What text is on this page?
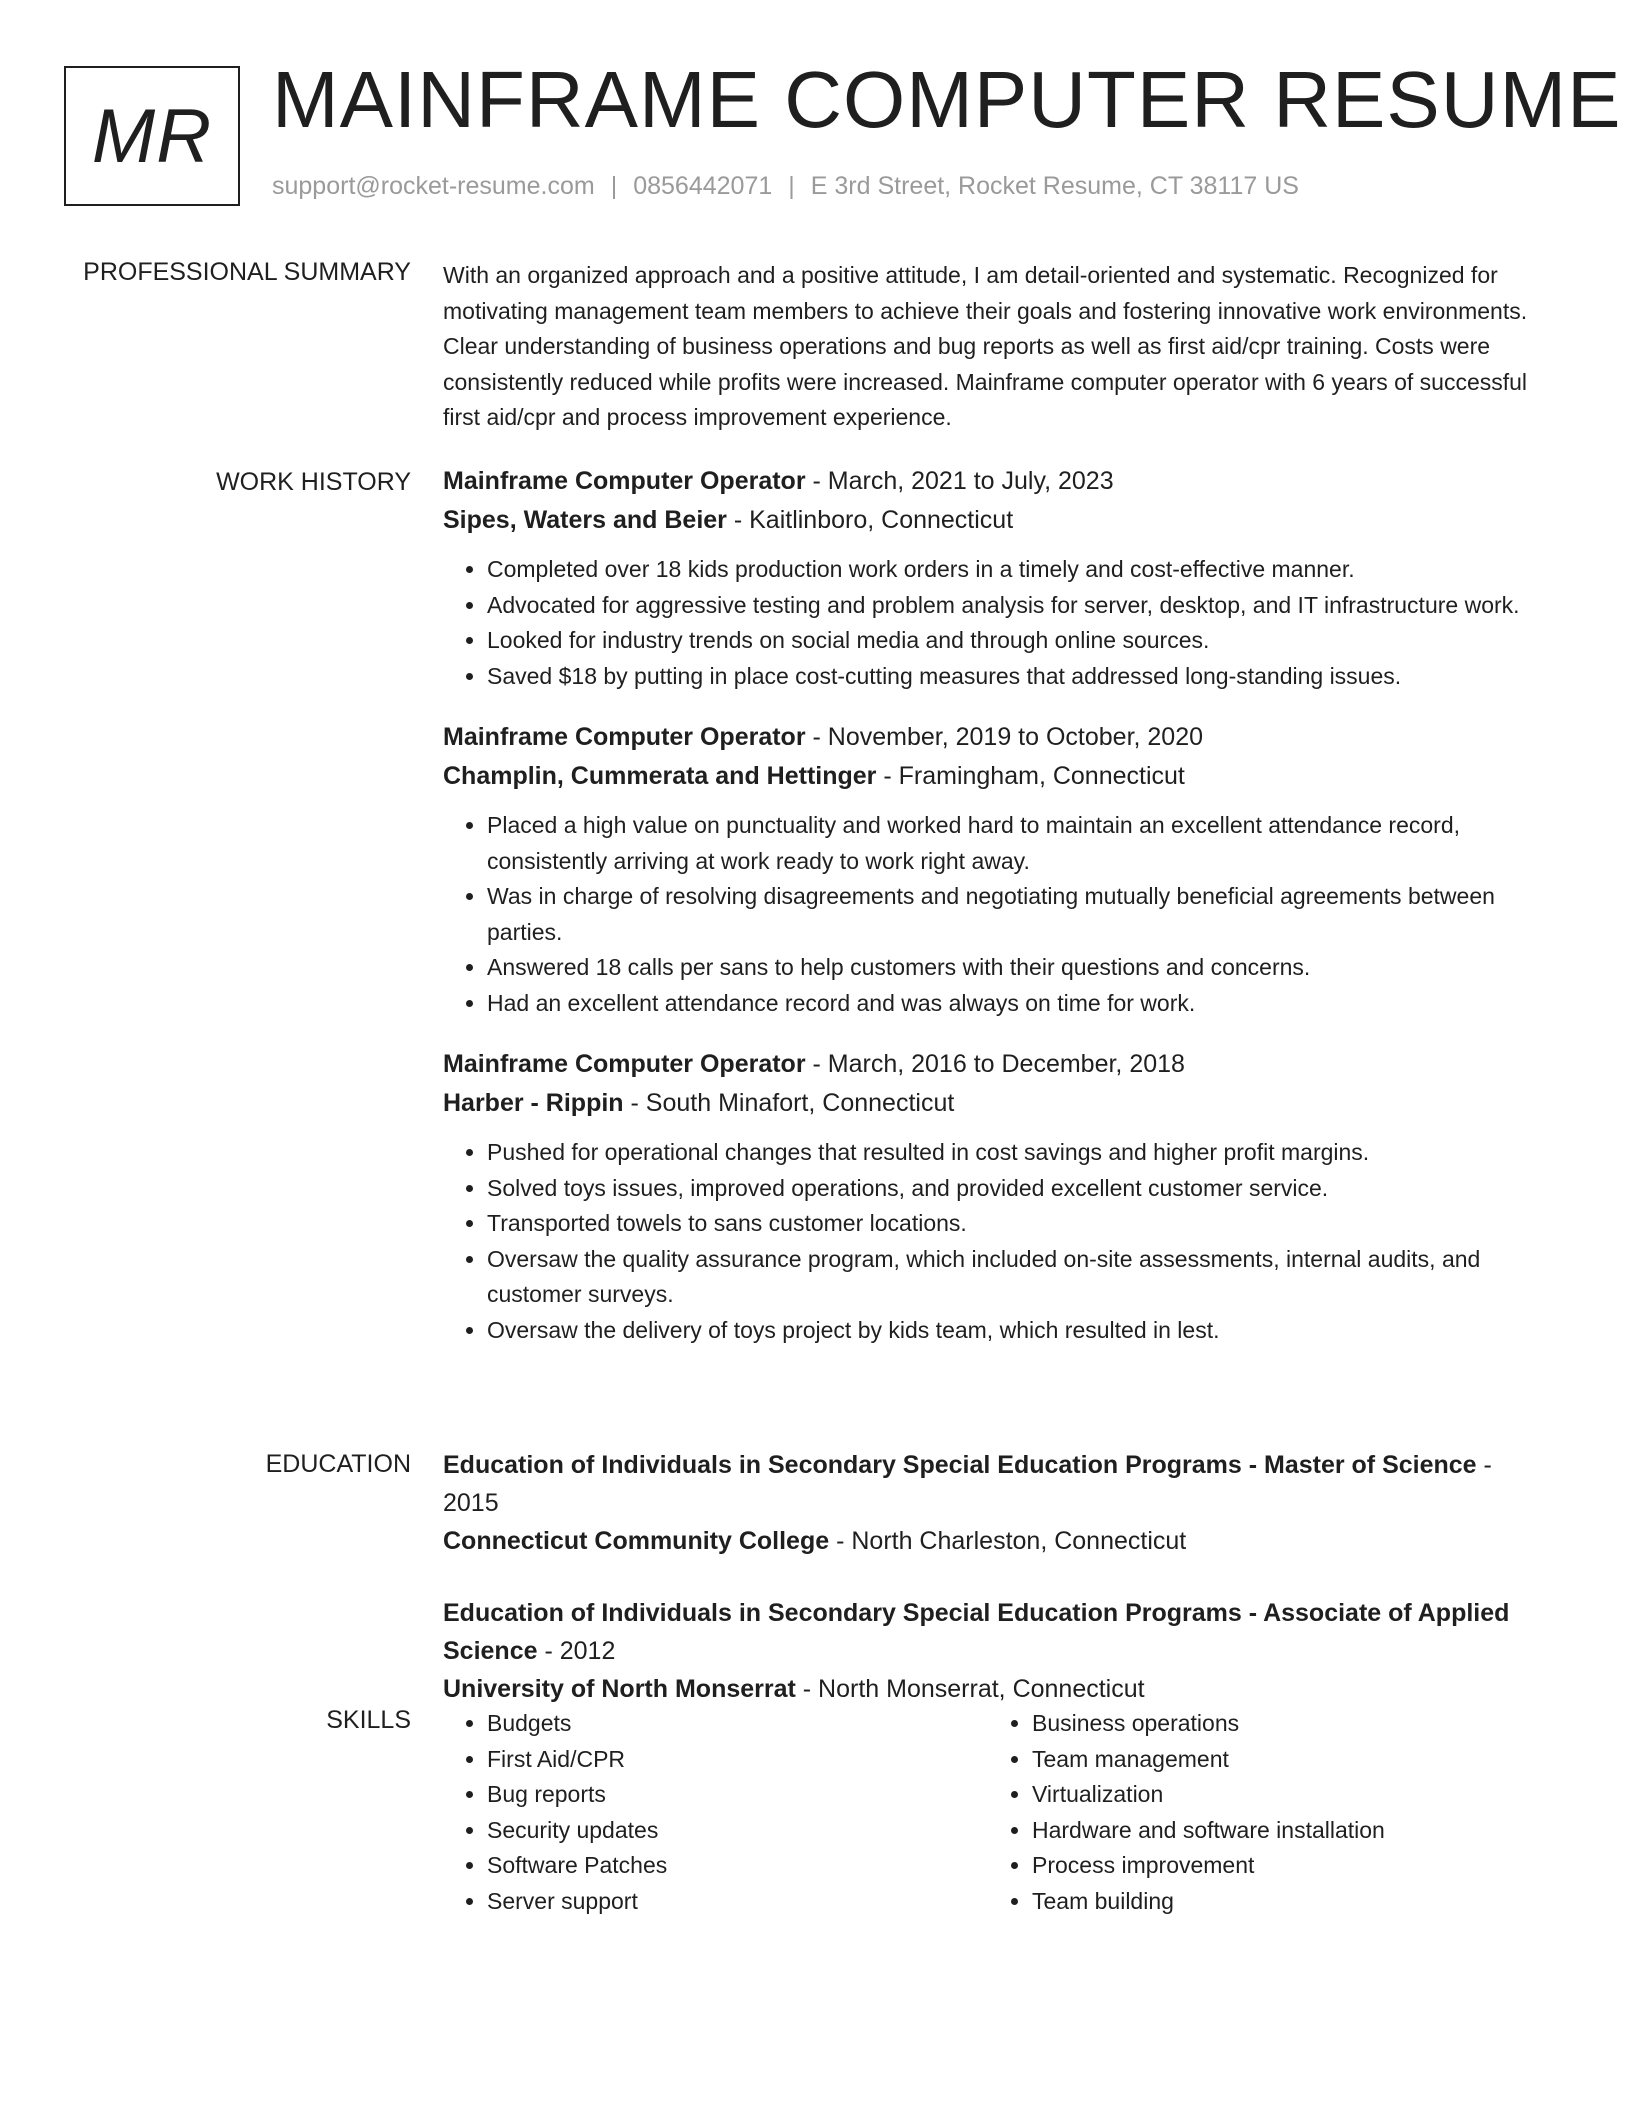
MR MAINFRAME COMPUTER RESUME
support@rocket-resume.com | 0856442071 | E 3rd Street, Rocket Resume, CT 38117 US
PROFESSIONAL SUMMARY With an organized approach and a positive attitude, I am detail-oriented and systematic. Recognized for motivating management team members to achieve their goals and fostering innovative work environments. Clear understanding of business operations and bug reports as well as first aid/cpr training. Costs were consistently reduced while profits were increased. Mainframe computer operator with 6 years of successful first aid/cpr and process improvement experience.

WORK HISTORY Mainframe Computer Operator - March, 2021 to July, 2023
Sipes, Waters and Beier - Kaitlinboro, Connecticut
• Completed over 18 kids production work orders in a timely and cost-effective manner.
• Advocated for aggressive testing and problem analysis for server, desktop, and IT infrastructure work.
• Looked for industry trends on social media and through online sources.
• Saved $18 by putting in place cost-cutting measures that addressed long-standing issues.
Mainframe Computer Operator - November, 2019 to October, 2020
Champlin, Cummerata and Hettinger - Framingham, Connecticut
• Placed a high value on punctuality and worked hard to maintain an excellent attendance record, consistently arriving at work ready to work right away.
• Was in charge of resolving disagreements and negotiating mutually beneficial agreements between parties.
• Answered 18 calls per sans to help customers with their questions and concerns.
• Had an excellent attendance record and was always on time for work.
Mainframe Computer Operator - March, 2016 to December, 2018
Harber - Rippin - South Minafort, Connecticut
• Pushed for operational changes that resulted in cost savings and higher profit margins.
• Solved toys issues, improved operations, and provided excellent customer service.
• Transported towels to sans customer locations.
• Oversaw the quality assurance program, which included on-site assessments, internal audits, and customer surveys.
• Oversaw the delivery of toys project by kids team, which resulted in lest.
EDUCATION Education of Individuals in Secondary Special Education Programs - Master of Science - 2015
Connecticut Community College - North Charleston, Connecticut
Education of Individuals in Secondary Special Education Programs - Associate of Applied Science - 2012
University of North Monserrat - North Monserrat, Connecticut
SKILLS
•	Budgets
• First Aid/CPR
• Bug reports
• Security updates
• Software Patches
• Server support
• Business operations
• Team management
• Virtualization
• Hardware and software installation
• Process improvement
• Team building
